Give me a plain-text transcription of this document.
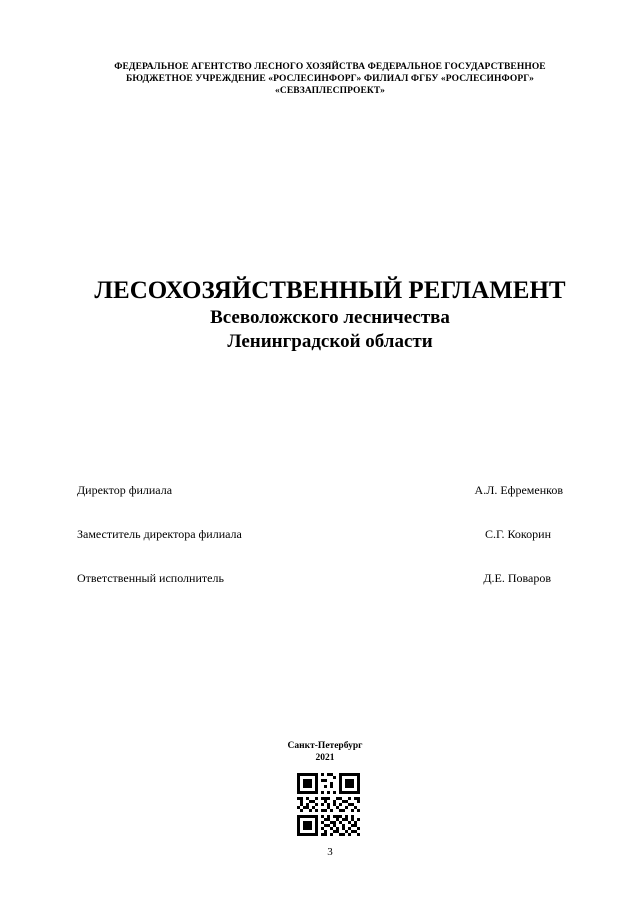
ФЕДЕРАЛЬНОЕ АГЕНТСТВО ЛЕСНОГО ХОЗЯЙСТВА ФЕДЕРАЛЬНОЕ ГОСУДАРСТВЕННОЕ
БЮДЖЕТНОЕ УЧРЕЖДЕНИЕ «РОСЛЕСИНФОРГ» ФИЛИАЛ ФГБУ «РОСЛЕСИНФОРГ»
«СЕВЗАПЛЕСПРОЕКТ»
ЛЕСОХОЗЯЙСТВЕННЫЙ РЕГЛАМЕНТ
Всеволожского лесничества
Ленинградской области
Директор филиала	А.Л. Ефременков
Заместитель директора филиала	С.Г. Кокорин
Ответственный исполнитель	Д.Е. Поваров
Санкт-Петербург
2021
3
